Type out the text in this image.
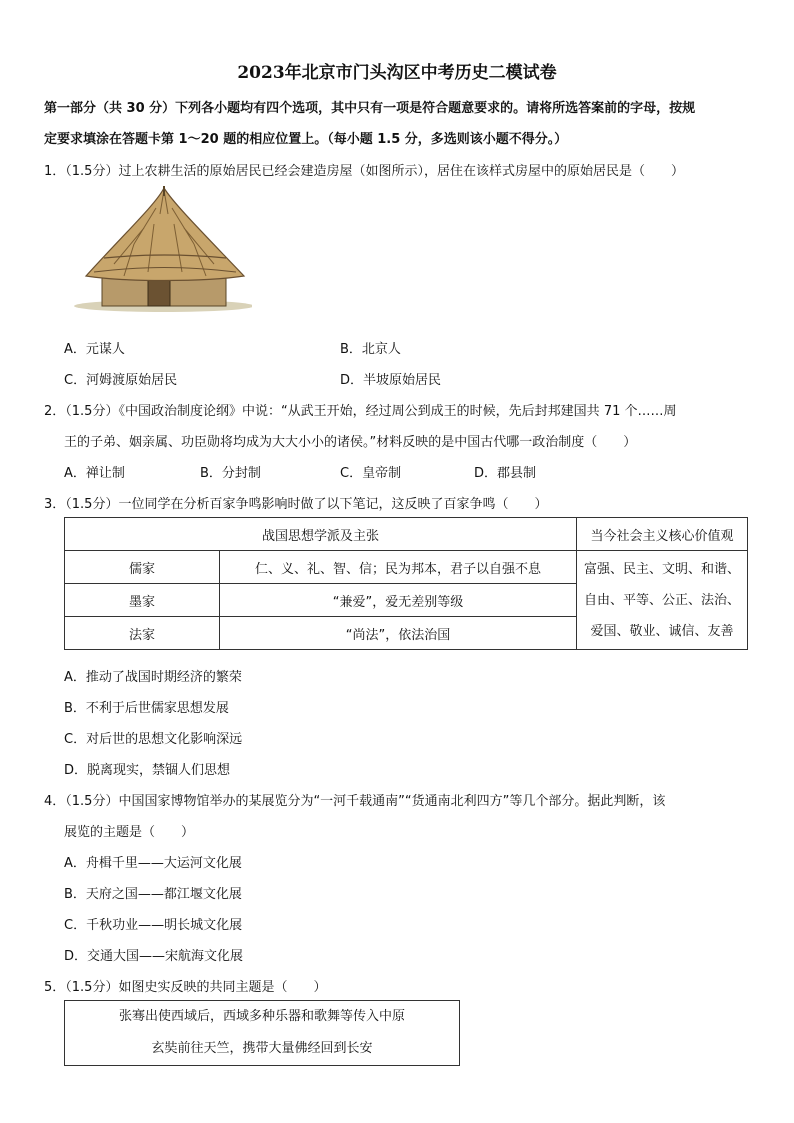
2023年北京市门头沟区中考历史二模试卷
第一部分（共 30 分）下列各小题均有四个选项，其中只有一项是符合题意要求的。请将所选答案前的字母，按规
定要求填涂在答题卡第 1～20 题的相应位置上。（每小题 1.5 分，多选则该小题不得分。）
1．（1.5分）过上农耕生活的原始居民已经会建造房屋（如图所示），居住在该样式房屋中的原始居民是（　　）
A．元谋人	B．北京人
C．河姆渡原始居民	D．半坡原始居民
2．（1.5分）《中国政治制度论纲》中说：“从武王开始，经过周公到成王的时候，先后封邦建国共 71 个……周
王的子弟、姻亲属、功臣勋将均成为大大小小的诸侯。”材料反映的是中国古代哪一政治制度（　　）
A．禅让制	B．分封制	C．皇帝制	D．郡县制
3．（1.5分）一位同学在分析百家争鸣影响时做了以下笔记，这反映了百家争鸣（　　）
战国思想学派及主张		当今社会主义核心价值观
儒家	仁、义、礼、智、信；民为邦本，君子以自强不息	富强、民主、文明、和谐、
自由、平等、公正、法治、
爱国、敬业、诚信、友善

墨家	“兼爱”，爱无差别等级	
法家	“尚法”，依法治国	
A．推动了战国时期经济的繁荣
B．不利于后世儒家思想发展
C．对后世的思想文化影响深远
D．脱离现实，禁锢人们思想
4．（1.5分）中国国家博物馆举办的某展览分为“一河千载通南”“货通南北利四方”等几个部分。据此判断，该
展览的主题是（　　）
A．舟楫千里——大运河文化展
B．天府之国——都江堰文化展
C．千秋功业——明长城文化展
D．交通大国——宋航海文化展
5．（1.5分）如图史实反映的共同主题是（　　）
张骞出使西域后，西域多种乐器和歌舞等传入中原
玄奘前往天竺，携带大量佛经回到长安
